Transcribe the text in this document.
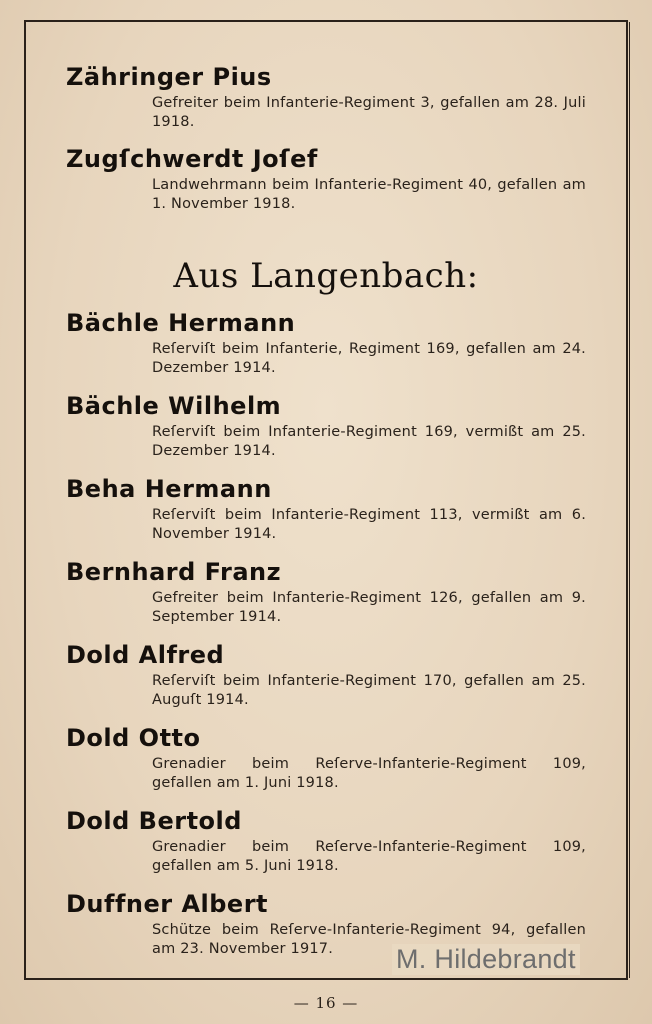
Zähringer Pius
Gefreiter beim Infanterie-Regiment 3, gefallen am 28. Juli 1918.
Zugſchwerdt Joſef
Landwehrmann beim Infanterie-Regiment 40, gefallen am 1. November 1918.
Aus Langenbach:
Bächle Hermann
Reſerviſt beim Infanterie, Regiment 169, gefallen am 24. Dezember 1914.
Bächle Wilhelm
Reſerviſt beim Infanterie-Regiment 169, vermißt am 25. Dezember 1914.
Beha Hermann
Reſerviſt beim Infanterie-Regiment 113, vermißt am 6. November 1914.
Bernhard Franz
Gefreiter beim Infanterie-Regiment 126, gefallen am 9. September 1914.
Dold Alfred
Reſerviſt beim Infanterie-Regiment 170, gefallen am 25. Auguſt 1914.
Dold Otto
Grenadier beim Reſerve-Infanterie-Regiment 109, gefallen am 1. Juni 1918.
Dold Bertold
Grenadier beim Reſerve-Infanterie-Regiment 109, gefallen am 5. Juni 1918.
Duffner Albert
Schütze beim Reſerve-Infanterie-Regiment 94, gefallen am 23. November 1917.	M. Hildebrandt
— 16 —
